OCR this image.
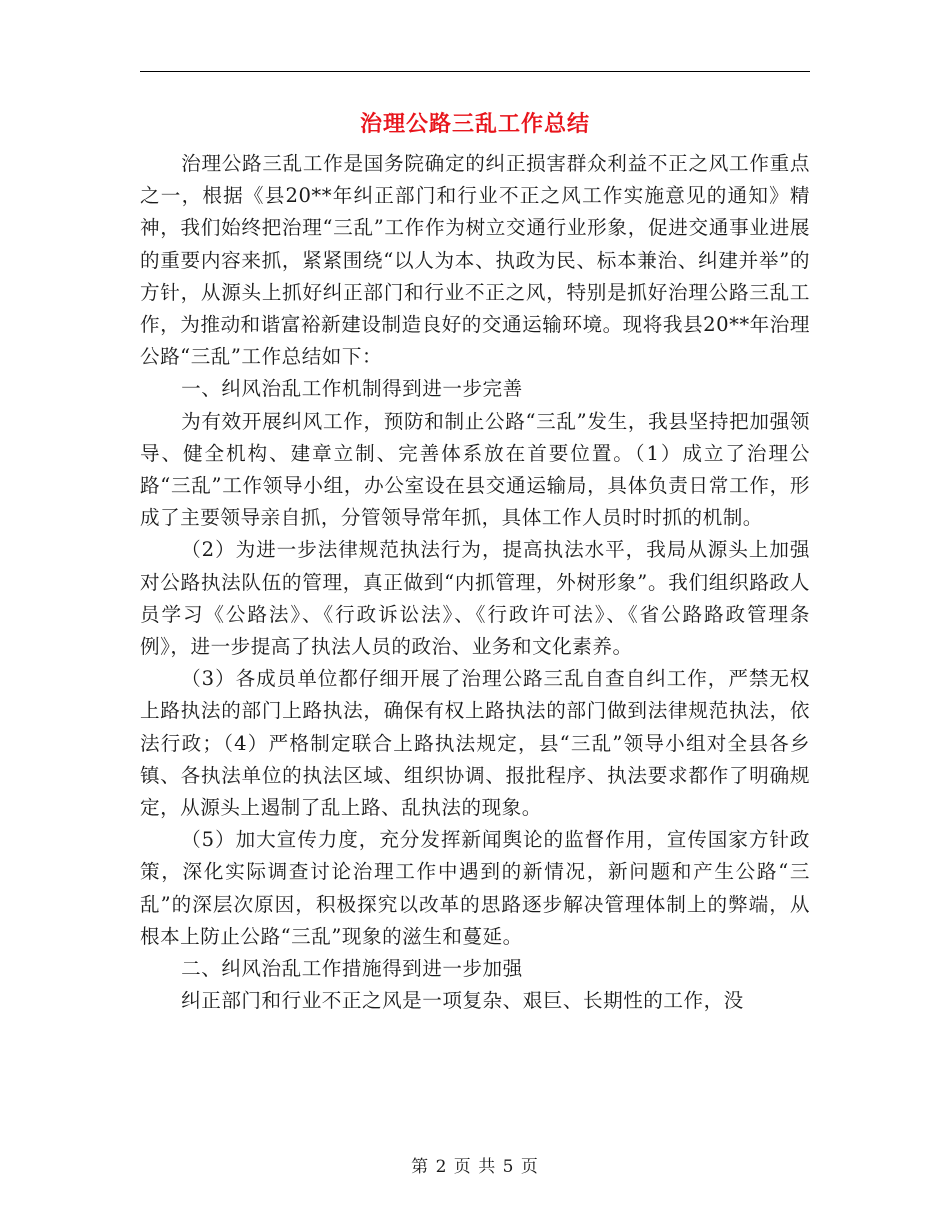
治理公路三乱工作总结

治理公路三乱工作是国务院确定的纠正损害群众利益不正之风工作重点之一，根据《县20**年纠正部门和行业不正之风工作实施意见的通知》精神，我们始终把治理“三乱”工作作为树立交通行业形象，促进交通事业进展的重要内容来抓，紧紧围绕“以人为本、执政为民、标本兼治、纠建并举”的方针，从源头上抓好纠正部门和行业不正之风，特别是抓好治理公路三乱工作，为推动和谐富裕新建设制造良好的交通运输环境。现将我县20**年治理公路“三乱”工作总结如下：

一、纠风治乱工作机制得到进一步完善

为有效开展纠风工作，预防和制止公路“三乱”发生，我县坚持把加强领导、健全机构、建章立制、完善体系放在首要位置。（1）成立了治理公路“三乱”工作领导小组，办公室设在县交通运输局，具体负责日常工作，形成了主要领导亲自抓，分管领导常年抓，具体工作人员时时抓的机制。

（2）为进一步法律规范执法行为，提高执法水平，我局从源头上加强对公路执法队伍的管理，真正做到“内抓管理，外树形象”。我们组织路政人员学习《公路法》、《行政诉讼法》、《行政许可法》、《省公路路政管理条例》，进一步提高了执法人员的政治、业务和文化素养。

（3）各成员单位都仔细开展了治理公路三乱自查自纠工作，严禁无权上路执法的部门上路执法，确保有权上路执法的部门做到法律规范执法，依法行政；（4）严格制定联合上路执法规定，县“三乱”领导小组对全县各乡镇、各执法单位的执法区域、组织协调、报批程序、执法要求都作了明确规定，从源头上遏制了乱上路、乱执法的现象。

（5）加大宣传力度，充分发挥新闻舆论的监督作用，宣传国家方针政策，深化实际调查讨论治理工作中遇到的新情况，新问题和产生公路“三乱”的深层次原因，积极探究以改革的思路逐步解决管理体制上的弊端，从根本上防止公路“三乱”现象的滋生和蔓延。

二、纠风治乱工作措施得到进一步加强

纠正部门和行业不正之风是一项复杂、艰巨、长期性的工作，没

第 2 页 共 5 页
